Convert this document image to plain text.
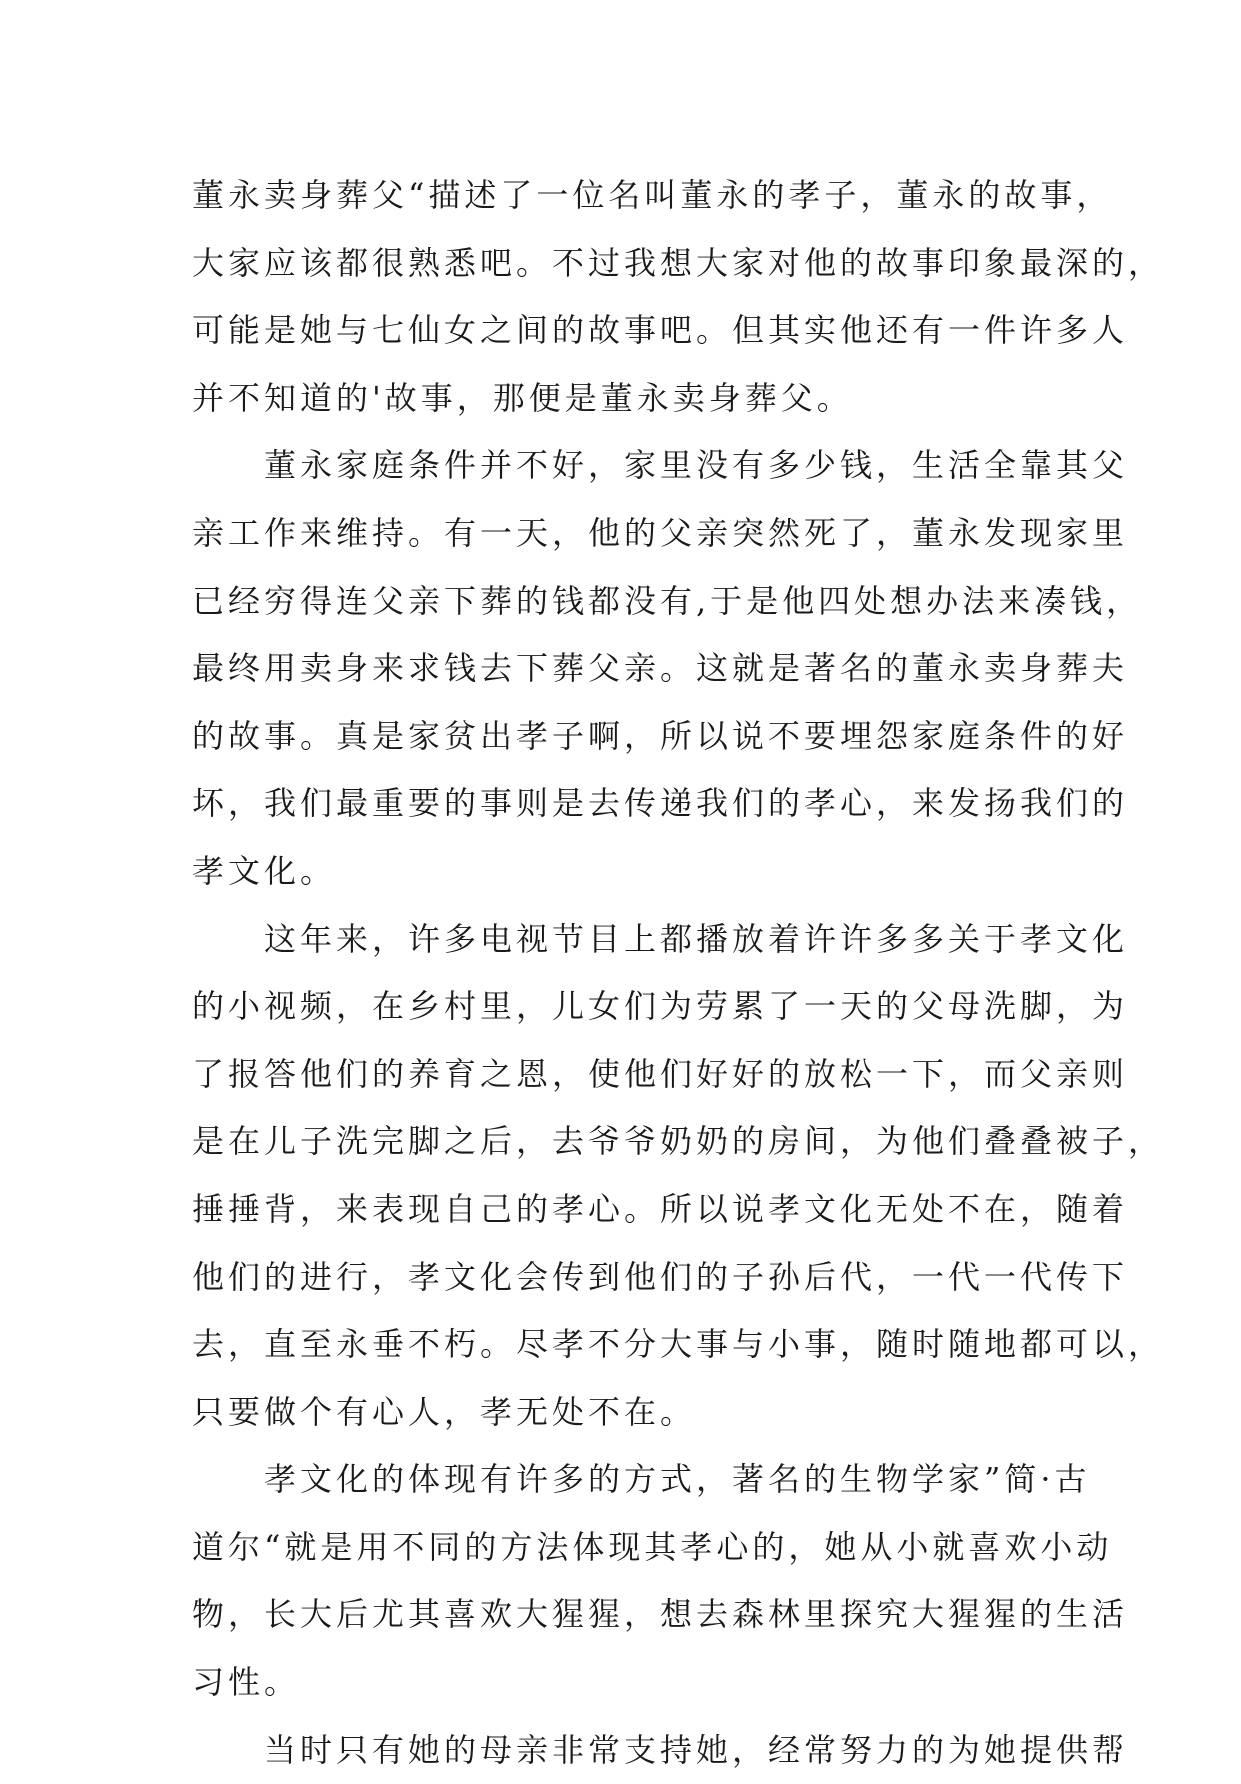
董永卖身葬父“描述了一位名叫董永的孝子，董永的故事，
大家应该都很熟悉吧。不过我想大家对他的故事印象最深的，
可能是她与七仙女之间的故事吧。但其实他还有一件许多人
并不知道的'故事，那便是董永卖身葬父。
　　董永家庭条件并不好，家里没有多少钱，生活全靠其父
亲工作来维持。有一天，他的父亲突然死了，董永发现家里
已经穷得连父亲下葬的钱都没有,于是他四处想办法来凑钱，
最终用卖身来求钱去下葬父亲。这就是著名的董永卖身葬夫
的故事。真是家贫出孝子啊，所以说不要埋怨家庭条件的好
坏，我们最重要的事则是去传递我们的孝心，来发扬我们的
孝文化。
　　这年来，许多电视节目上都播放着许许多多关于孝文化
的小视频，在乡村里，儿女们为劳累了一天的父母洗脚，为
了报答他们的养育之恩，使他们好好的放松一下，而父亲则
是在儿子洗完脚之后，去爷爷奶奶的房间，为他们叠叠被子，
捶捶背，来表现自己的孝心。所以说孝文化无处不在，随着
他们的进行，孝文化会传到他们的子孙后代，一代一代传下
去，直至永垂不朽。尽孝不分大事与小事，随时随地都可以，
只要做个有心人，孝无处不在。
　　孝文化的体现有许多的方式，著名的生物学家”简·古
道尔“就是用不同的方法体现其孝心的，她从小就喜欢小动
物，长大后尤其喜欢大猩猩，想去森林里探究大猩猩的生活
习性。
　　当时只有她的母亲非常支持她，经常努力的为她提供帮
